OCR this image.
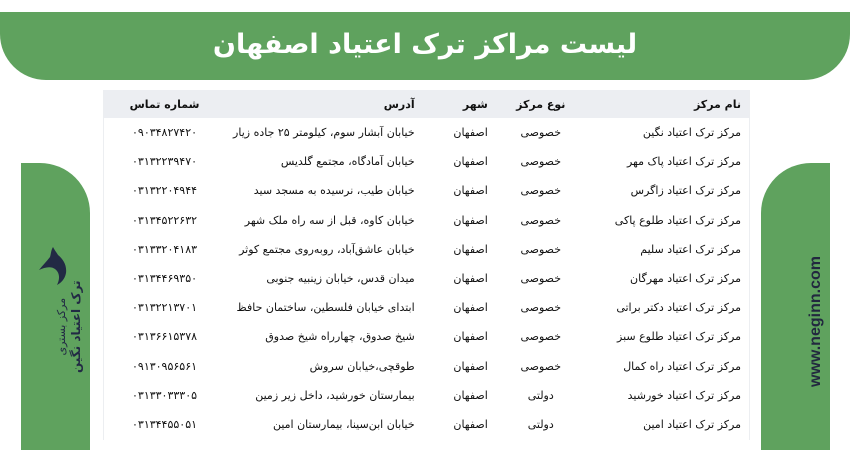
لیست مراکز ترک اعتیاد اصفهان
مرکز بستری ترک اعتیاد نگین	www.neginn.com
نام مرکز	نوع مرکز	شهر	آدرس	شماره تماس
مرکز ترک اعتیاد نگین	خصوصی	اصفهان	خیابان آبشار سوم، کیلومتر ۲۵ جاده زیار	۰۹۰۳۴۸۲۷۴۲۰
مرکز ترک اعتیاد پاک مهر	خصوصی	اصفهان	خیابان آمادگاه، مجتمع گلدیس	۰۳۱۳۲۲۳۹۴۷۰
مرکز ترک اعتیاد زاگرس	خصوصی	اصفهان	خیابان طیب، نرسیده به مسجد سید	۰۳۱۳۲۲۰۴۹۴۴
مرکز ترک اعتیاد طلوع پاکی	خصوصی	اصفهان	خیابان کاوه، قبل از سه راه ملک شهر	۰۳۱۳۴۵۲۲۶۳۲
مرکز ترک اعتیاد سلیم	خصوصی	اصفهان	خیابان عاشق‌آباد، روبه‌روی مجتمع کوثر	۰۳۱۳۳۲۰۴۱۸۳
مرکز ترک اعتیاد مهرگان	خصوصی	اصفهان	میدان قدس، خیابان زینبیه جنوبی	۰۳۱۳۴۴۶۹۳۵۰
مرکز ترک اعتیاد دکتر براتی	خصوصی	اصفهان	ابتدای خیابان فلسطین، ساختمان حافظ	۰۳۱۳۲۲۱۳۷۰۱
مرکز ترک اعتیاد طلوع سبز	خصوصی	اصفهان	شیخ صدوق، چهارراه شیخ صدوق	۰۳۱۳۶۶۱۵۳۷۸
مرکز ترک اعتیاد راه کمال	خصوصی	اصفهان	طوقچی،خیابان سروش	۰۹۱۳۰۹۵۶۵۶۱
مرکز ترک اعتیاد خورشید	دولتی	اصفهان	بیمارستان خورشید، داخل زیر زمین	۰۳۱۳۳۰۳۳۳۰۵
مرکز ترک اعتیاد امین	دولتی	اصفهان	خیابان ابن‌سینا، بیمارستان امین	۰۳۱۳۴۴۵۵۰۵۱
